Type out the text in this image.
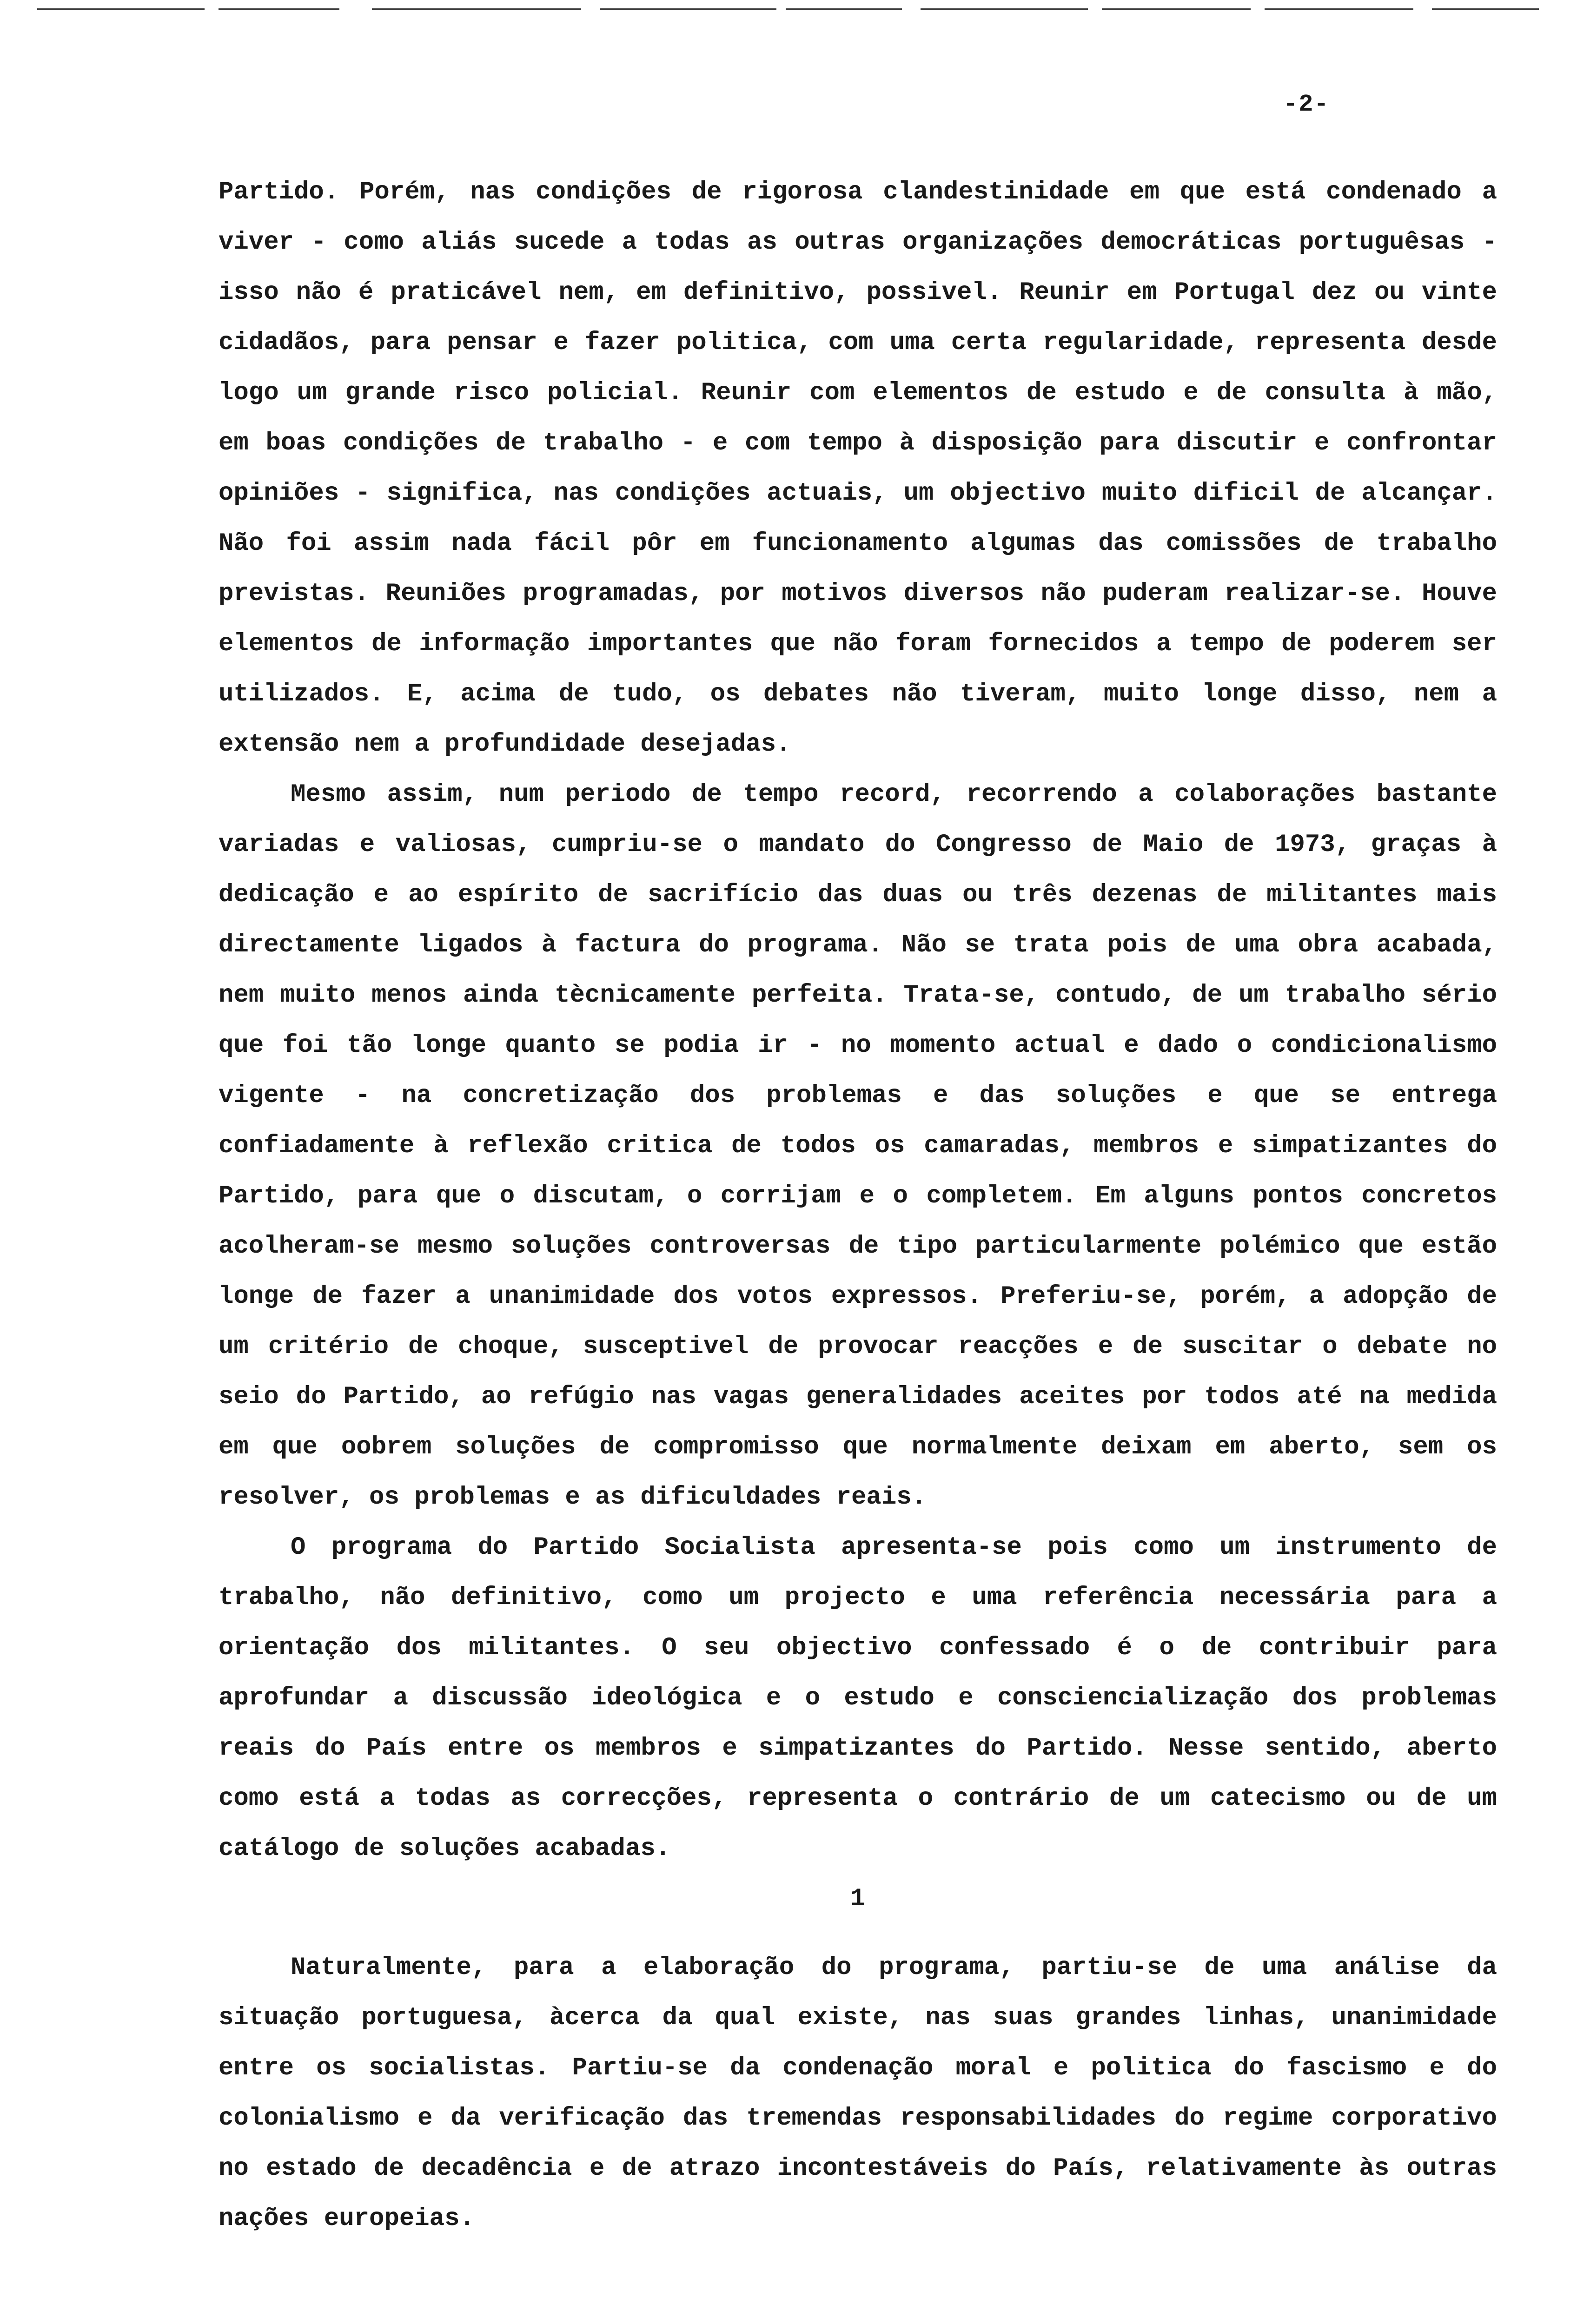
-2-

Partido. Porém, nas condições de rigorosa clandestinidade em que está condenado a viver - como aliás sucede a todas as outras organizações democráticas portuguêsas - isso não é praticável nem, em definitivo, possivel. Reunir em Portugal dez ou vinte cidadãos, para pensar e fazer politica, com uma certa regularidade, representa desde logo um grande risco policial. Reunir com elementos de estudo e de consulta à mão, em boas condições de trabalho - e com tempo à disposição para discutir e confrontar opiniões - significa, nas condições actuais, um objectivo muito dificil de alcançar. Não foi assim nada fácil pôr em funcionamento algumas das comissões de trabalho previstas. Reuniões programadas, por motivos diversos não puderam realizar-se. Houve elementos de informação importantes que não foram fornecidos a tempo de poderem ser utilizados. E, acima de tudo, os debates não tiveram, muito longe disso, nem a extensão nem a profundidade desejadas.

Mesmo assim, num periodo de tempo record, recorrendo a colaborações bastante variadas e valiosas, cumpriu-se o mandato do Congresso de Maio de 1973, graças à dedicação e ao espírito de sacrifício das duas ou três dezenas de militantes mais directamente ligados à factura do programa. Não se trata pois de uma obra acabada, nem muito menos ainda tècnicamente perfeita. Trata-se, contudo, de um trabalho sério que foi tão longe quanto se podia ir - no momento actual e dado o condicionalismo vigente - na concretização dos problemas e das soluções e que se entrega confiadamente à reflexão critica de todos os camaradas, membros e simpatizantes do Partido, para que o discutam, o corrijam e o completem. Em alguns pontos concretos acolheram-se mesmo soluções controversas de tipo particularmente polémico que estão longe de fazer a unanimidade dos votos expressos. Preferiu-se, porém, a adopção de um critério de choque, susceptivel de provocar reacções e de suscitar o debate no seio do Partido, ao refúgio nas vagas generalidades aceites por todos até na medida em que oobrem soluções de compromisso que normalmente deixam em aberto, sem os resolver, os problemas e as dificuldades reais.

O programa do Partido Socialista apresenta-se pois como um instrumento de trabalho, não definitivo, como um projecto e uma referência necessária para a orientação dos militantes. O seu objectivo confessado é o de contribuir para aprofundar a discussão ideológica e o estudo e consciencialização dos problemas reais do País entre os membros e simpatizantes do Partido. Nesse sentido, aberto como está a todas as correcções, representa o contrário de um catecismo ou de um catálogo de soluções acabadas.

1

Naturalmente, para a elaboração do programa, partiu-se de uma análise da situação portuguesa, àcerca da qual existe, nas suas grandes linhas, unanimidade entre os socialistas. Partiu-se da condenação moral e politica do fascismo e do colonialismo e da verificação das tremendas responsabilidades do regime corporativo no estado de decadência e de atrazo incontestáveis do País, relativamente às outras nações europeias.
